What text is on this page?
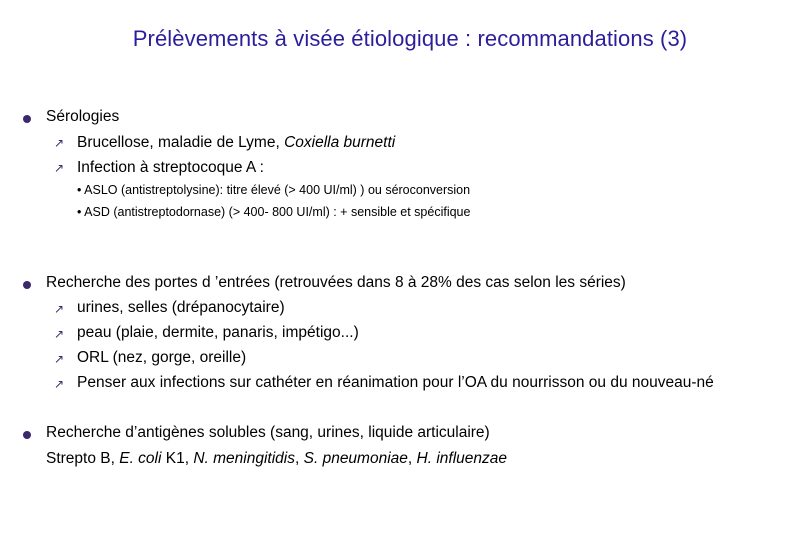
Prélèvements à visée étiologique : recommandations (3)
Sérologies
↗ Brucellose, maladie de Lyme, Coxiella burnetti
↗ Infection à streptocoque A :
• ASLO (antistreptolysine): titre élevé (> 400 UI/ml) ) ou séroconversion
• ASD (antistreptodornase) (> 400- 800 UI/ml) : + sensible et spécifique
Recherche des portes d ’entrées (retrouvées dans 8 à 28% des cas selon les séries)
↗ urines, selles (drépanocytaire)
↗ peau (plaie, dermite, panaris, impétigo...)
↗ ORL (nez, gorge, oreille)
↗ Penser aux infections sur cathéter en réanimation pour l’OA du nourrisson ou du nouveau-né
Recherche d’antigènes solubles (sang, urines, liquide articulaire)
Strepto B, E. coli K1, N. meningitidis, S. pneumoniae, H. influenzae
